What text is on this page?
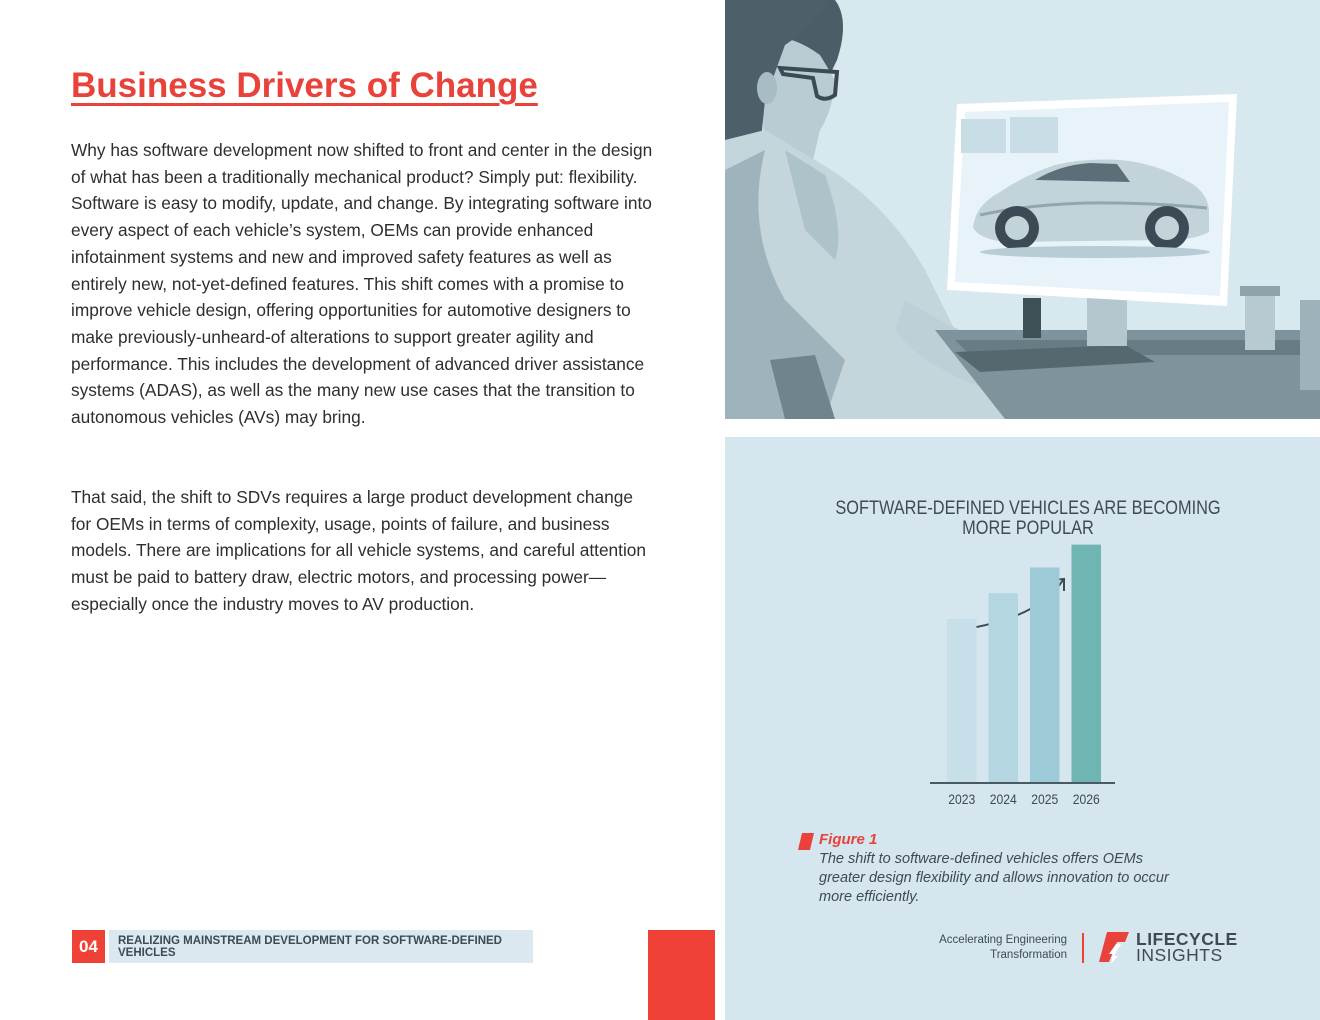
Business Drivers of Change

Why has software development now shifted to front and center in the design of what has been a traditionally mechanical product? Simply put: flexibility. Software is easy to modify, update, and change. By integrating software into every aspect of each vehicle’s system, OEMs can provide enhanced infotainment systems and new and improved safety features as well as entirely new, not-yet-defined features. This shift comes with a promise to improve vehicle design, offering opportunities for automotive designers to make previously-unheard-of alterations to support greater agility and performance. This includes the development of advanced driver assistance systems (ADAS), as well as the many new use cases that the transition to autonomous vehicles (AVs) may bring.

That said, the shift to SDVs requires a large product development change for OEMs in terms of complexity, usage, points of failure, and business models. There are implications for all vehicle systems, and careful attention must be paid to battery draw, electric motors, and processing power—especially once the industry moves to AV production.

04	REALIZING MAINSTREAM DEVELOPMENT FOR SOFTWARE-DEFINED VEHICLES
SOFTWARE-DEFINED VEHICLES ARE BECOMING
MORE POPULAR
2023 2024 2025 2026
Figure 1
The shift to software-defined vehicles offers OEMs greater design flexibility and allows innovation to occur more efficiently.
Accelerating Engineering
Transformation
LIFECYCLE
INSIGHTS
